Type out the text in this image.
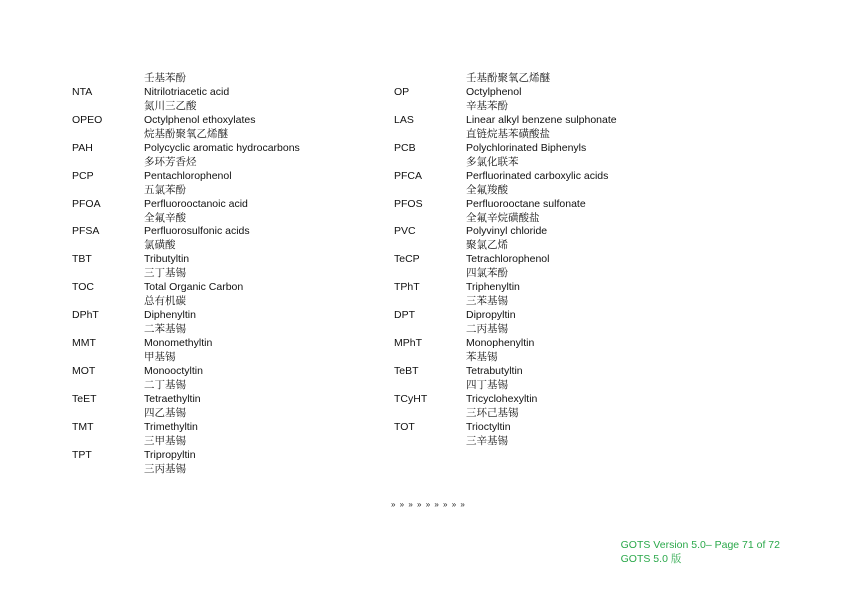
壬基苯酚
NTA	Nitrilotriacetic acid
氮川三乙酸
OPEO	Octylphenol ethoxylates
烷基酚聚氧乙烯醚
PAH	Polycyclic aromatic hydrocarbons
多环芳香烃
PCP	Pentachlorophenol
五氯苯酚
PFOA	Perfluorooctanoic acid
全氟辛酸
PFSA	Perfluorosulfonic acids
氯磺酸
TBT	Tributyltin
三丁基锡
TOC	Total Organic Carbon
总有机碳
DPhT	Diphenyltin
二苯基锡
MMT	Monomethyltin
甲基锡
MOT	Monooctyltin
二丁基锡
TeET	Tetraethyltin
四乙基锡
TMT	Trimethyltin
三甲基锡
TPT	Tripropyltin
三丙基锡
壬基酚聚氧乙烯醚
OP	Octylphenol
辛基苯酚
LAS	Linear alkyl benzene sulphonate
直链烷基苯磺酸盐
PCB	Polychlorinated Biphenyls
多氯化联苯
PFCA	Perfluorinated carboxylic acids
全氟羧酸
PFOS	Perfluorooctane sulfonate
全氟辛烷磺酸盐
PVC	Polyvinyl chloride
聚氯乙烯
TeCP	Tetrachlorophenol
四氯苯酚
TPhT	Triphenyltin
三苯基锡
DPT	Dipropyltin
二丙基锡
MPhT	Monophenyltin
苯基锡
TeBT	Tetrabutyltin
四丁基锡
TCyHT	Tricyclohexyltin
三环己基锡
TOT	Trioctyltin
三辛基锡
» » » » » » » » »
GOTS Version 5.0– Page 71 of 72
GOTS 5.0 版
